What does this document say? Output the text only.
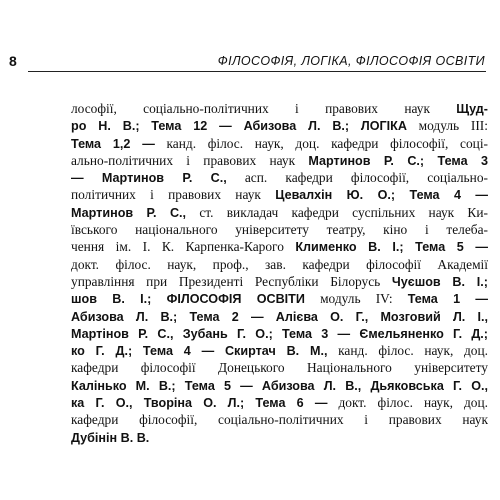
8	ФІЛОСОФІЯ, ЛОГІКА, ФІЛОСОФІЯ ОСВІТИ
лософії, соціально-політичних і правових наук Щуд-
ро Н. В.; Тема 12 — Абизова Л. В.; ЛОГІКА модуль ІІІ:
Тема 1,2 — канд. філос. наук, доц. кафедри філософії, соці-
ально-політичних і правових наук Мартинов Р. С.; Тема 3
— Мартинов Р. С., асп. кафедри філософії, соціально-
політичних і правових наук Цевалхін Ю. О.; Тема 4 —
Мартинов Р. С., ст. викладач кафедри суспільних наук Ки-
ївського національного університету театру, кіно і телеба-
чення ім. І. К. Карпенка-Карого Клименко В. І.; Тема 5 —
докт. філос. наук, проф., зав. кафедри філософії Академії
управління при Президенті Республіки Білорусь Чуєшов В. І.;
шов В. І.; ФІЛОСОФІЯ ОСВІТИ модуль IV: Тема 1 —
Абизова Л. В.; Тема 2 — Алієва О. Г., Мозговий Л. І.,
Мартінов Р. С., Зубань Г. О.; Тема 3 — Ємельяненко Г. Д.;
ко Г. Д.; Тема 4 — Скиртач В. М., канд. філос. наук, доц.
кафедри філософії Донецького Національного університету
Калінько М. В.; Тема 5 — Абизова Л. В., Дьяковська Г. О.,
ка Г. О., Творіна О. Л.; Тема 6 — докт. філос. наук, доц.
кафедри філософії, соціально-політичних і правових наук
Дубінін В. В.
